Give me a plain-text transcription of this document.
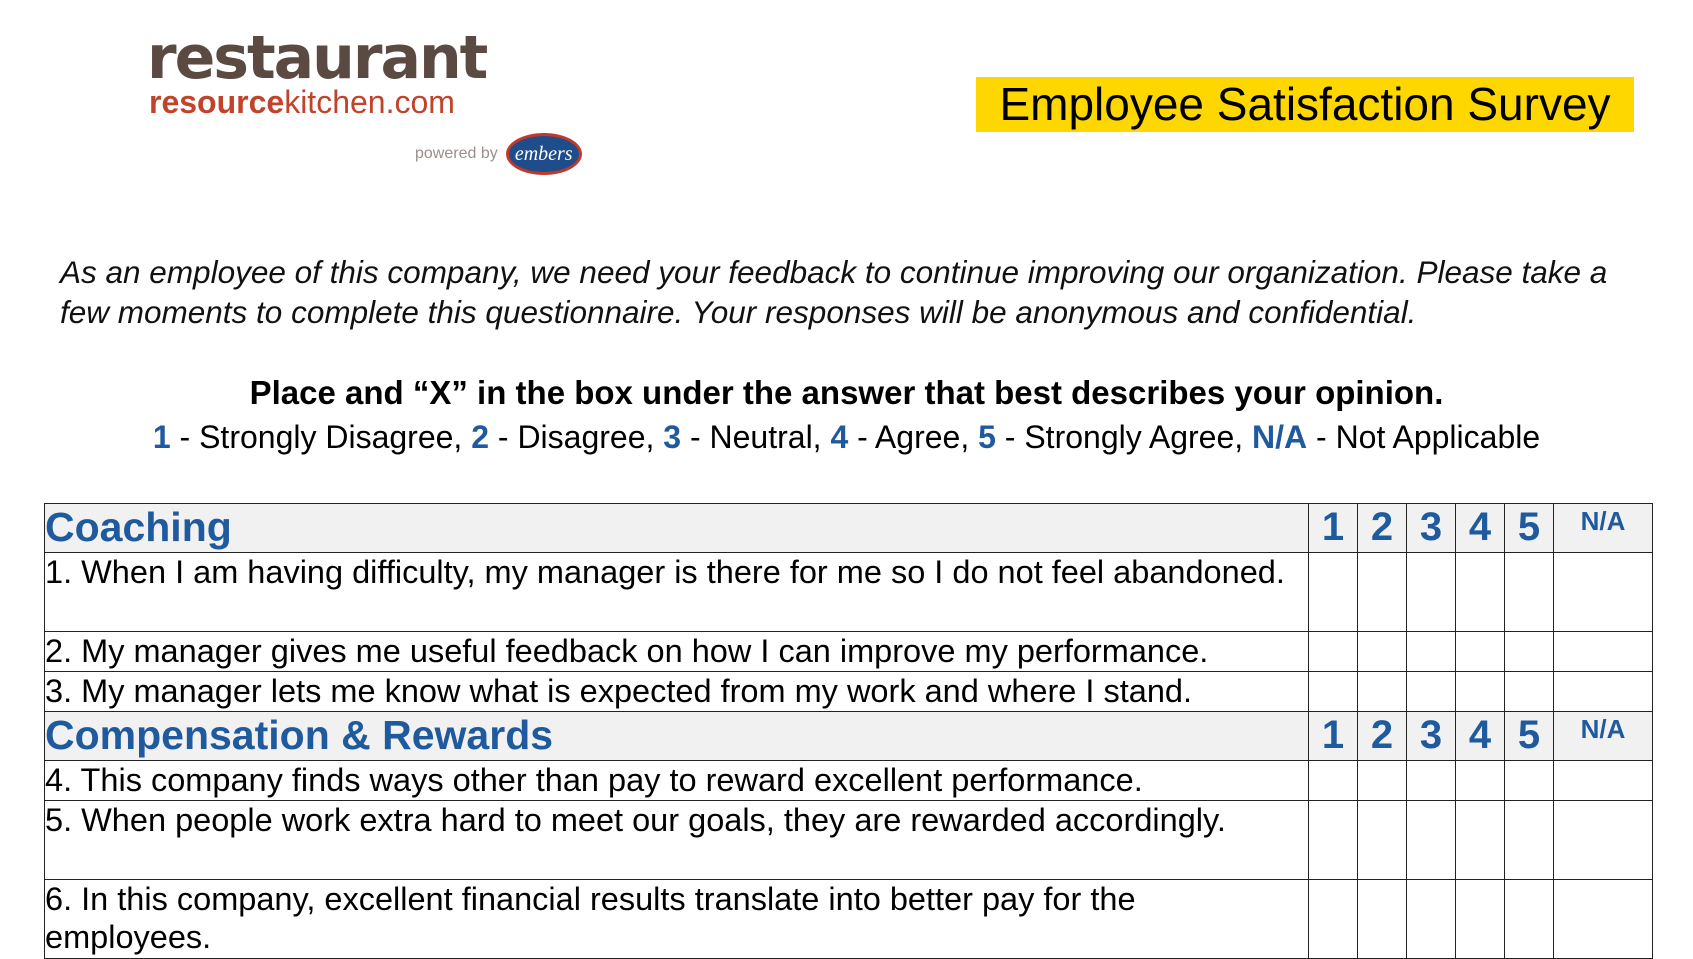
restaurant
resourcekitchen.com
powered by embers
Employee Satisfaction Survey
As an employee of this company, we need your feedback to continue improving our organization. Please take a few moments to complete this questionnaire. Your responses will be anonymous and confidential.
Place and “X” in the box under the answer that best describes your opinion.
1 - Strongly Disagree, 2 - Disagree, 3 - Neutral, 4 - Agree, 5 - Strongly Agree, N/A - Not Applicable
Coaching	1	2	3	4	5	N/A
1. When I am having difficulty, my manager is there for me so I do not feel abandoned.						
2. My manager gives me useful feedback on how I can improve my performance.						
3. My manager lets me know what is expected from my work and where I stand.						
Compensation & Rewards	1	2	3	4	5	N/A
4. This company finds ways other than pay to reward excellent performance.						
5. When people work extra hard to meet our goals, they are rewarded accordingly.						
6. In this company, excellent financial results translate into better pay for the employees.						
